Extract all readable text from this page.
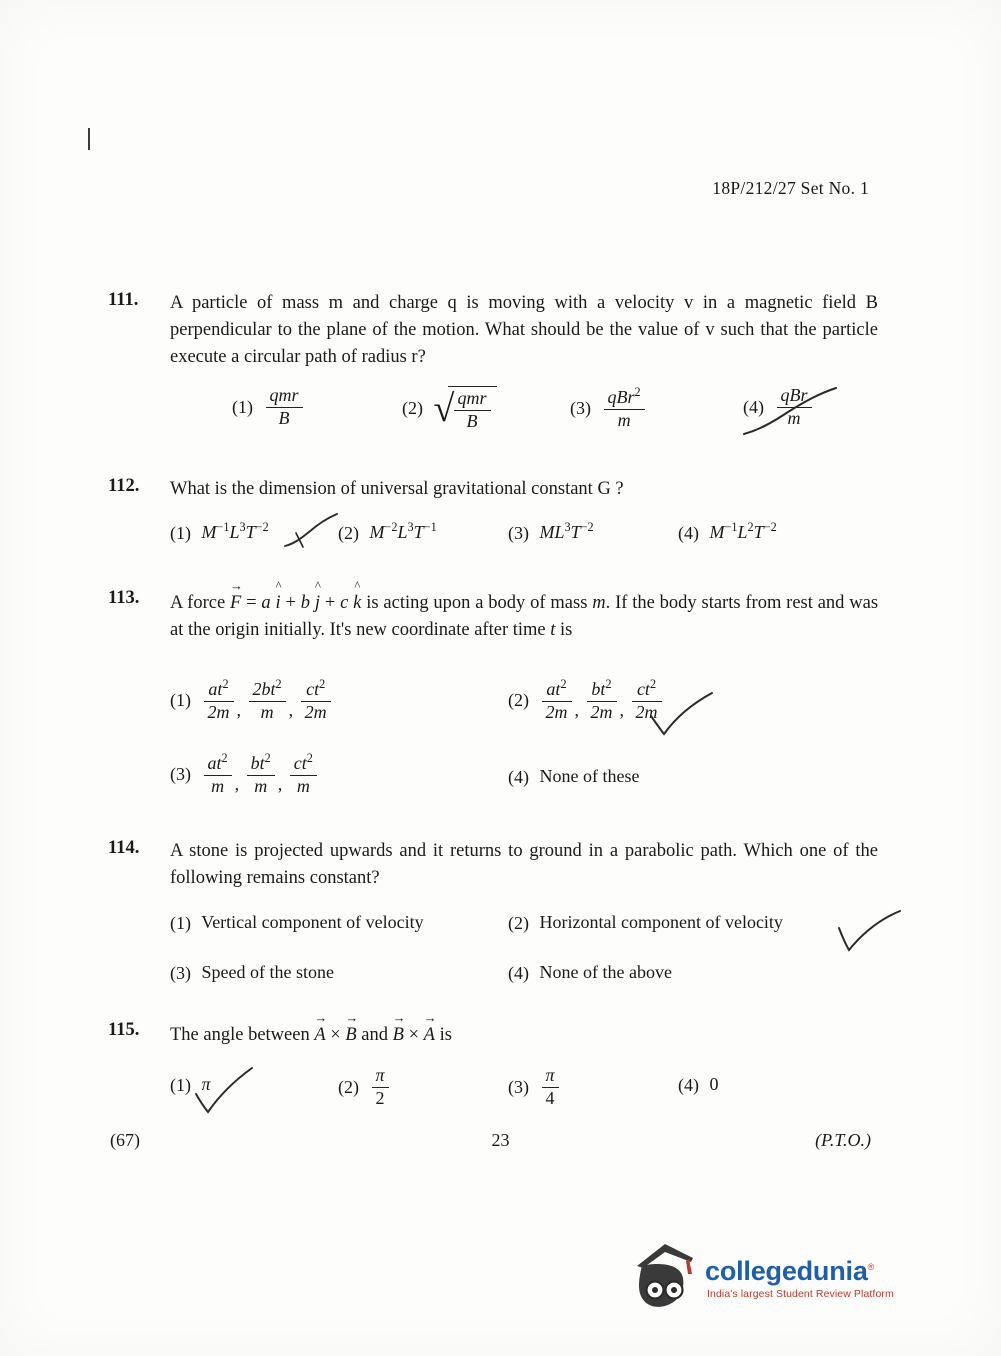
18P/212/27 Set No. 1
111.	A particle of mass m and charge q is moving with a velocity v in a magnetic field B perpendicular to the plane of the motion. What should be the value of v such that the particle execute a circular path of radius r?
$(1) \frac{\text{qmr}}{B}$	(2) √
$\frac{\text{qmr}}{B}$	$(3) \frac{qBr^2}{m}$	$(4) \frac{\text{qBr}}{m}$
112.	What is the dimension of universal gravitational constant G ?
(1) $M^{-1}L^3T^{-2}$	(2) $M^{-2}L^3T^{-1}$	(3) $ML^3T^{-2}$	(4) $M^{-1}L^2T^{-2}$
113.	A force
→
F = a
^
i + b
^
j + c
^
k is acting upon a body of mass m. If the body starts from rest and was at the origin initially. It's new coordinate after time t is
$(1) \frac{at^2}{2m}$ , $\frac{2bt^2}{m}$ , $\frac{ct^2}{2m}$	$(2) \frac{at^2}{2m}$ , $\frac{bt^2}{2m}$ , $\frac{ct^2}{2m}$
$(3) \frac{at^2}{m}$ , $\frac{bt^2}{m}$ , $\frac{ct^2}{m}$	(4) None of these
114.	A stone is projected upwards and it returns to ground in a parabolic path. Which one of the following remains constant?
(1) Vertical component of velocity	(2) Horizontal component of velocity
(3) Speed of the stone	(4) None of the above
115.	The angle between
→
A ×
→
B and
→
B ×
→
A is
(1) π	$(2) \frac{\pi}{2}$	$(3) \frac{\pi}{4}$	(4) 0
(67)	23	(P.T.O.)
collegedunia®
India's largest Student Review Platform
